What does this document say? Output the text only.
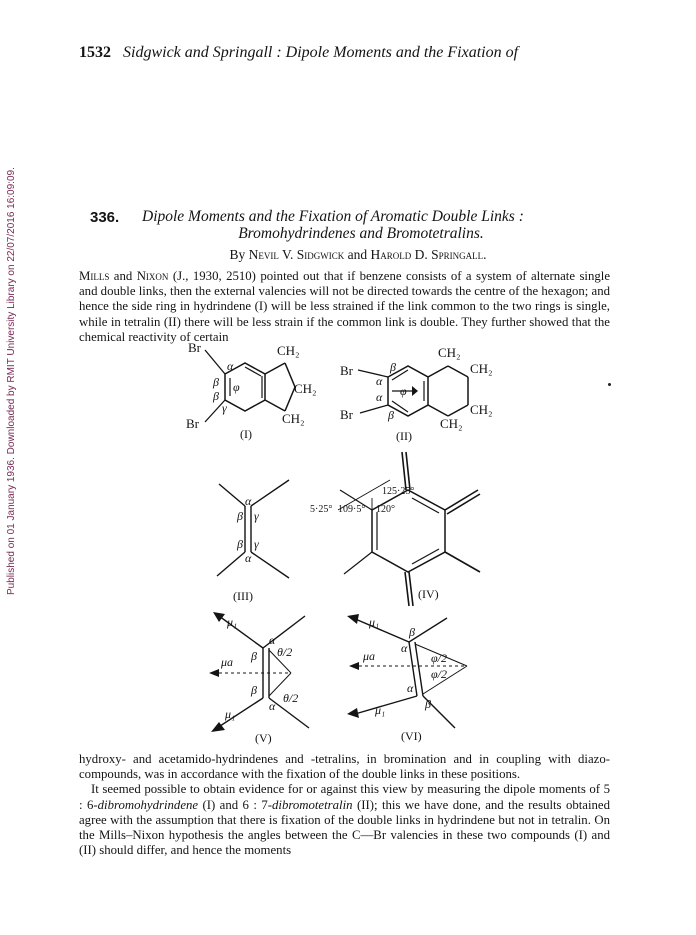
Published on 01 January 1936. Downloaded by RMIT University Library on 22/07/2016 16:09:09.
1532 Sidgwick and Springall : Dipole Moments and the Fixation of
336. Dipole Moments and the Fixation of Aromatic Double Links :
Bromohydrindenes and Bromotetralins.
By Nevil V. Sidgwick and Harold D. Springall.
Mills and Nixon (J., 1930, 2510) pointed out that if benzene consists of a system of alternate single and double links, then the external valencies will not be directed towards the centre of the hexagon; and hence the side ring in hydrindene (I) will be less strained if the link common to the two rings is single, while in tetralin (II) there will be less strain if the common link is double. They further showed that the chemical reactivity of certain
Br
Br
CH₂
CH₂
CH₂
α
β
β
γ
φ
(I)
Br
Br
CH₂
CH₂
CH₂
CH₂
β
α
α
β
φ
(II)
α
β γ
β γ
α
(III)
125·25°
5·25° 109·5° 120°
(IV)
μ₁
μa
μ₁
α
β
β
α
θ/2
θ/2
(V)
μ₁
μa
μ₁
β
α
α
β
φ/2
φ/2
(VI)
hydroxy- and acetamido-hydrindenes and -tetralins, in bromination and in coupling with diazo-compounds, was in accordance with the fixation of the double links in these positions.
It seemed possible to obtain evidence for or against this view by measuring the dipole moments of 5 : 6-dibromohydrindene (I) and 6 : 7-dibromotetralin (II); this we have done, and the results obtained agree with the assumption that there is fixation of the double links in hydrindene but not in tetralin. On the Mills–Nixon hypothesis the angles between the C—Br valencies in these two compounds (I) and (II) should differ, and hence the moments
